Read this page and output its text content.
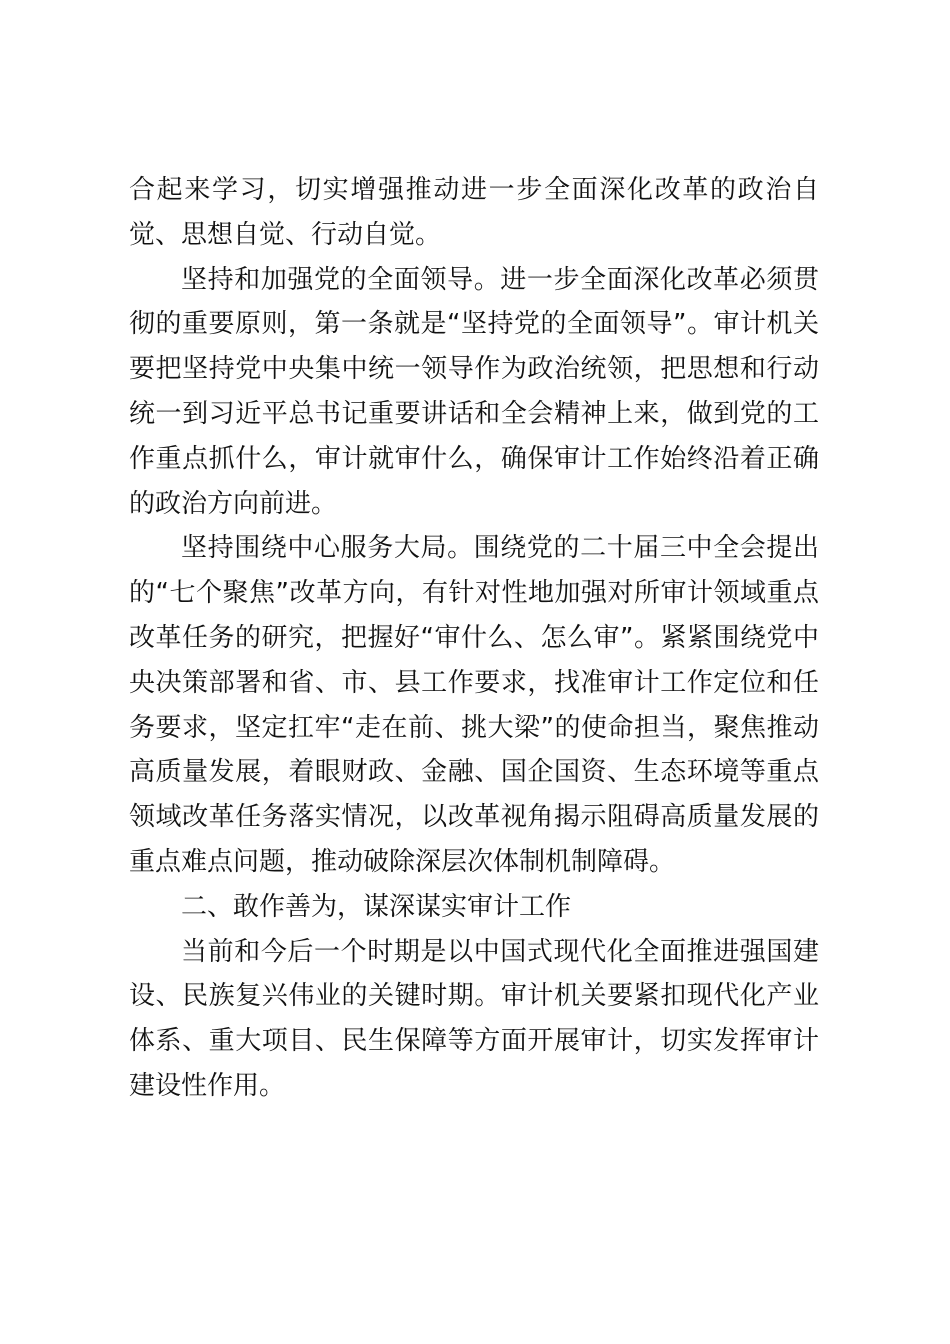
合起来学习，切实增强推动进一步全面深化改革的政治自觉、思想自觉、行动自觉。

坚持和加强党的全面领导。进一步全面深化改革必须贯彻的重要原则，第一条就是“坚持党的全面领导”。审计机关要把坚持党中央集中统一领导作为政治统领，把思想和行动统一到习近平总书记重要讲话和全会精神上来，做到党的工作重点抓什么，审计就审什么，确保审计工作始终沿着正确的政治方向前进。

坚持围绕中心服务大局。围绕党的二十届三中全会提出的“七个聚焦”改革方向，有针对性地加强对所审计领域重点改革任务的研究，把握好“审什么、怎么审”。紧紧围绕党中央决策部署和省、市、县工作要求，找准审计工作定位和任务要求，坚定扛牢“走在前、挑大梁”的使命担当，聚焦推动高质量发展，着眼财政、金融、国企国资、生态环境等重点领域改革任务落实情况，以改革视角揭示阻碍高质量发展的重点难点问题，推动破除深层次体制机制障碍。

二、敢作善为，谋深谋实审计工作

当前和今后一个时期是以中国式现代化全面推进强国建设、民族复兴伟业的关键时期。审计机关要紧扣现代化产业体系、重大项目、民生保障等方面开展审计，切实发挥审计建设性作用。
